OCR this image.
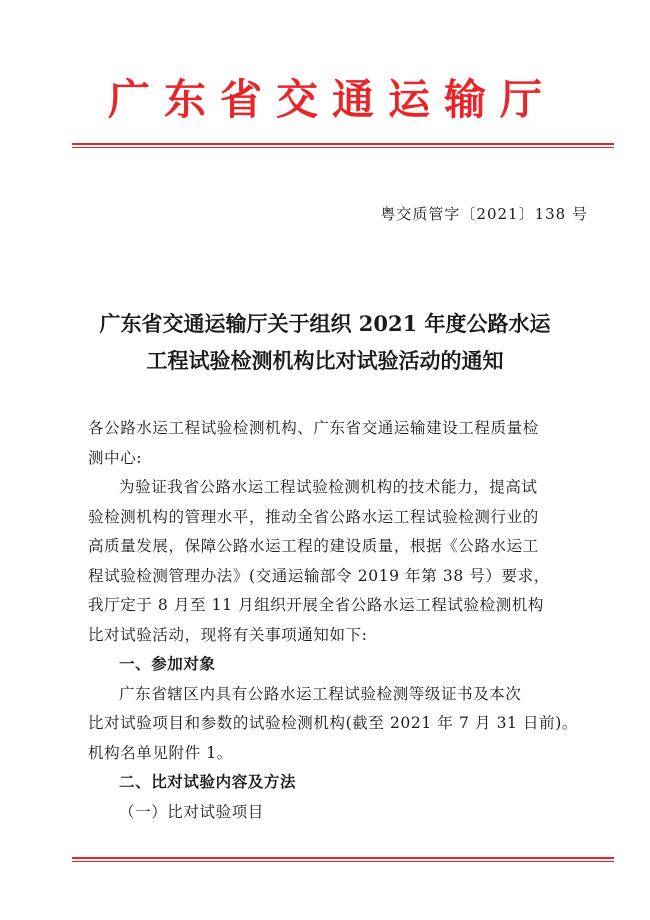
广东省交通运输厅
粤交质管字〔2021〕138 号
广东省交通运输厅关于组织 2021 年度公路水运
工程试验检测机构比对试验活动的通知
各公路水运工程试验检测机构、广东省交通运输建设工程质量检
测中心:
为验证我省公路水运工程试验检测机构的技术能力，提高试
验检测机构的管理水平，推动全省公路水运工程试验检测行业的
高质量发展，保障公路水运工程的建设质量，根据《公路水运工
程试验检测管理办法》(交通运输部令 2019 年第 38 号）要求，
我厅定于 8 月至 11 月组织开展全省公路水运工程试验检测机构
比对试验活动，现将有关事项通知如下:
一、参加对象
广东省辖区内具有公路水运工程试验检测等级证书及本次
比对试验项目和参数的试验检测机构(截至 2021 年 7 月 31 日前)。
机构名单见附件 1。
二、比对试验内容及方法
（一）比对试验项目
